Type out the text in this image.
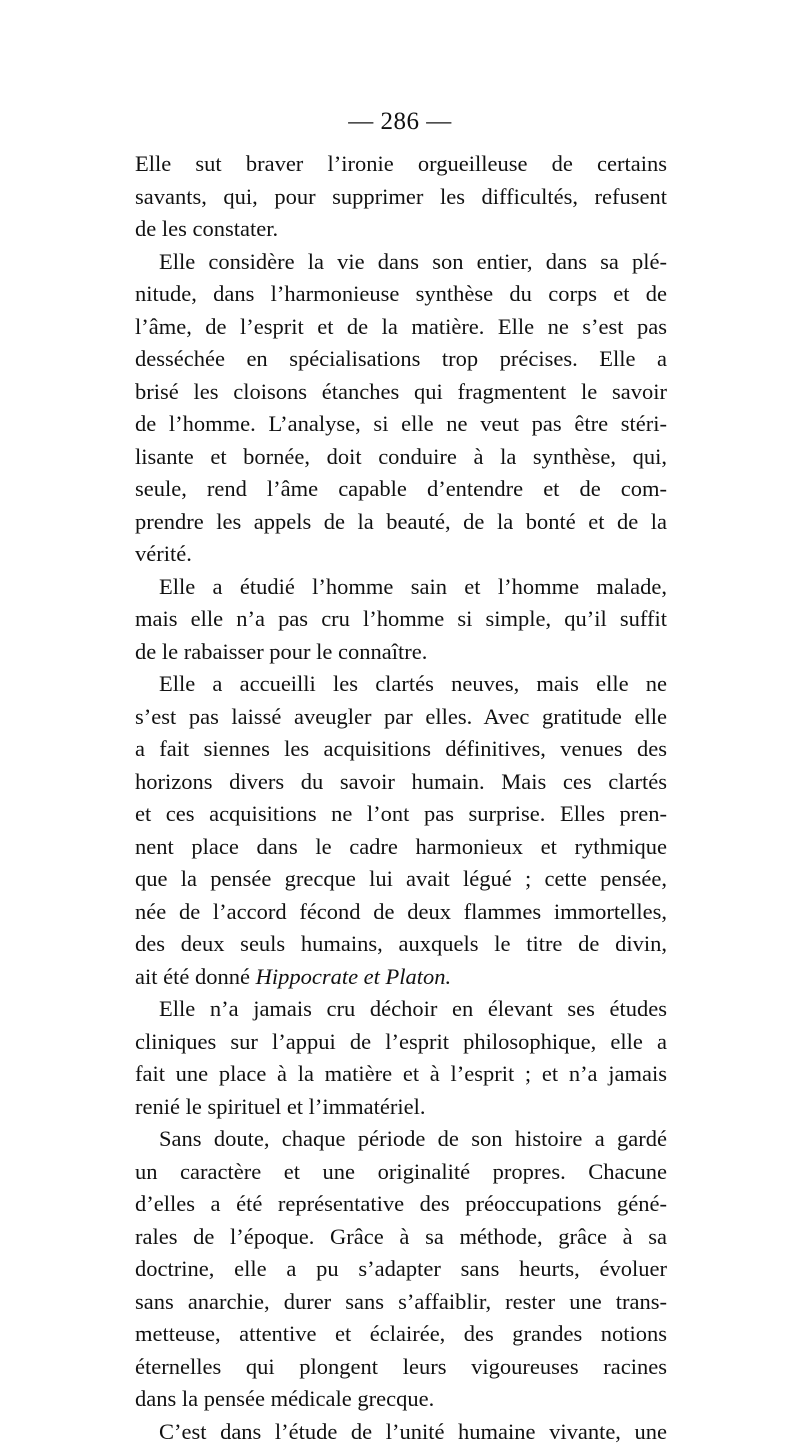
— 286 —
Elle sut braver l’ironie orgueilleuse de certains
savants, qui, pour supprimer les difficultés, refusent
de les constater.
Elle considère la vie dans son entier, dans sa plé-
nitude, dans l’harmonieuse synthèse du corps et de
l’âme, de l’esprit et de la matière. Elle ne s’est pas
desséchée en spécialisations trop précises. Elle a
brisé les cloisons étanches qui fragmentent le savoir
de l’homme. L’analyse, si elle ne veut pas être stéri-
lisante et bornée, doit conduire à la synthèse, qui,
seule, rend l’âme capable d’entendre et de com-
prendre les appels de la beauté, de la bonté et de la
vérité.
Elle a étudié l’homme sain et l’homme malade,
mais elle n’a pas cru l’homme si simple, qu’il suffit
de le rabaisser pour le connaître.
Elle a accueilli les clartés neuves, mais elle ne
s’est pas laissé aveugler par elles. Avec gratitude elle
a fait siennes les acquisitions définitives, venues des
horizons divers du savoir humain. Mais ces clartés
et ces acquisitions ne l’ont pas surprise. Elles pren-
nent place dans le cadre harmonieux et rythmique
que la pensée grecque lui avait légué ; cette pensée,
née de l’accord fécond de deux flammes immortelles,
des deux seuls humains, auxquels le titre de divin,
ait été donné Hippocrate et Platon.
Elle n’a jamais cru déchoir en élevant ses études
cliniques sur l’appui de l’esprit philosophique, elle a
fait une place à la matière et à l’esprit ; et n’a jamais
renié le spirituel et l’immatériel.
Sans doute, chaque période de son histoire a gardé
un caractère et une originalité propres. Chacune
d’elles a été représentative des préoccupations géné-
rales de l’époque. Grâce à sa méthode, grâce à sa
doctrine, elle a pu s’adapter sans heurts, évoluer
sans anarchie, durer sans s’affaiblir, rester une trans-
metteuse, attentive et éclairée, des grandes notions
éternelles qui plongent leurs vigoureuses racines
dans la pensée médicale grecque.
C’est dans l’étude de l’unité humaine vivante, une
